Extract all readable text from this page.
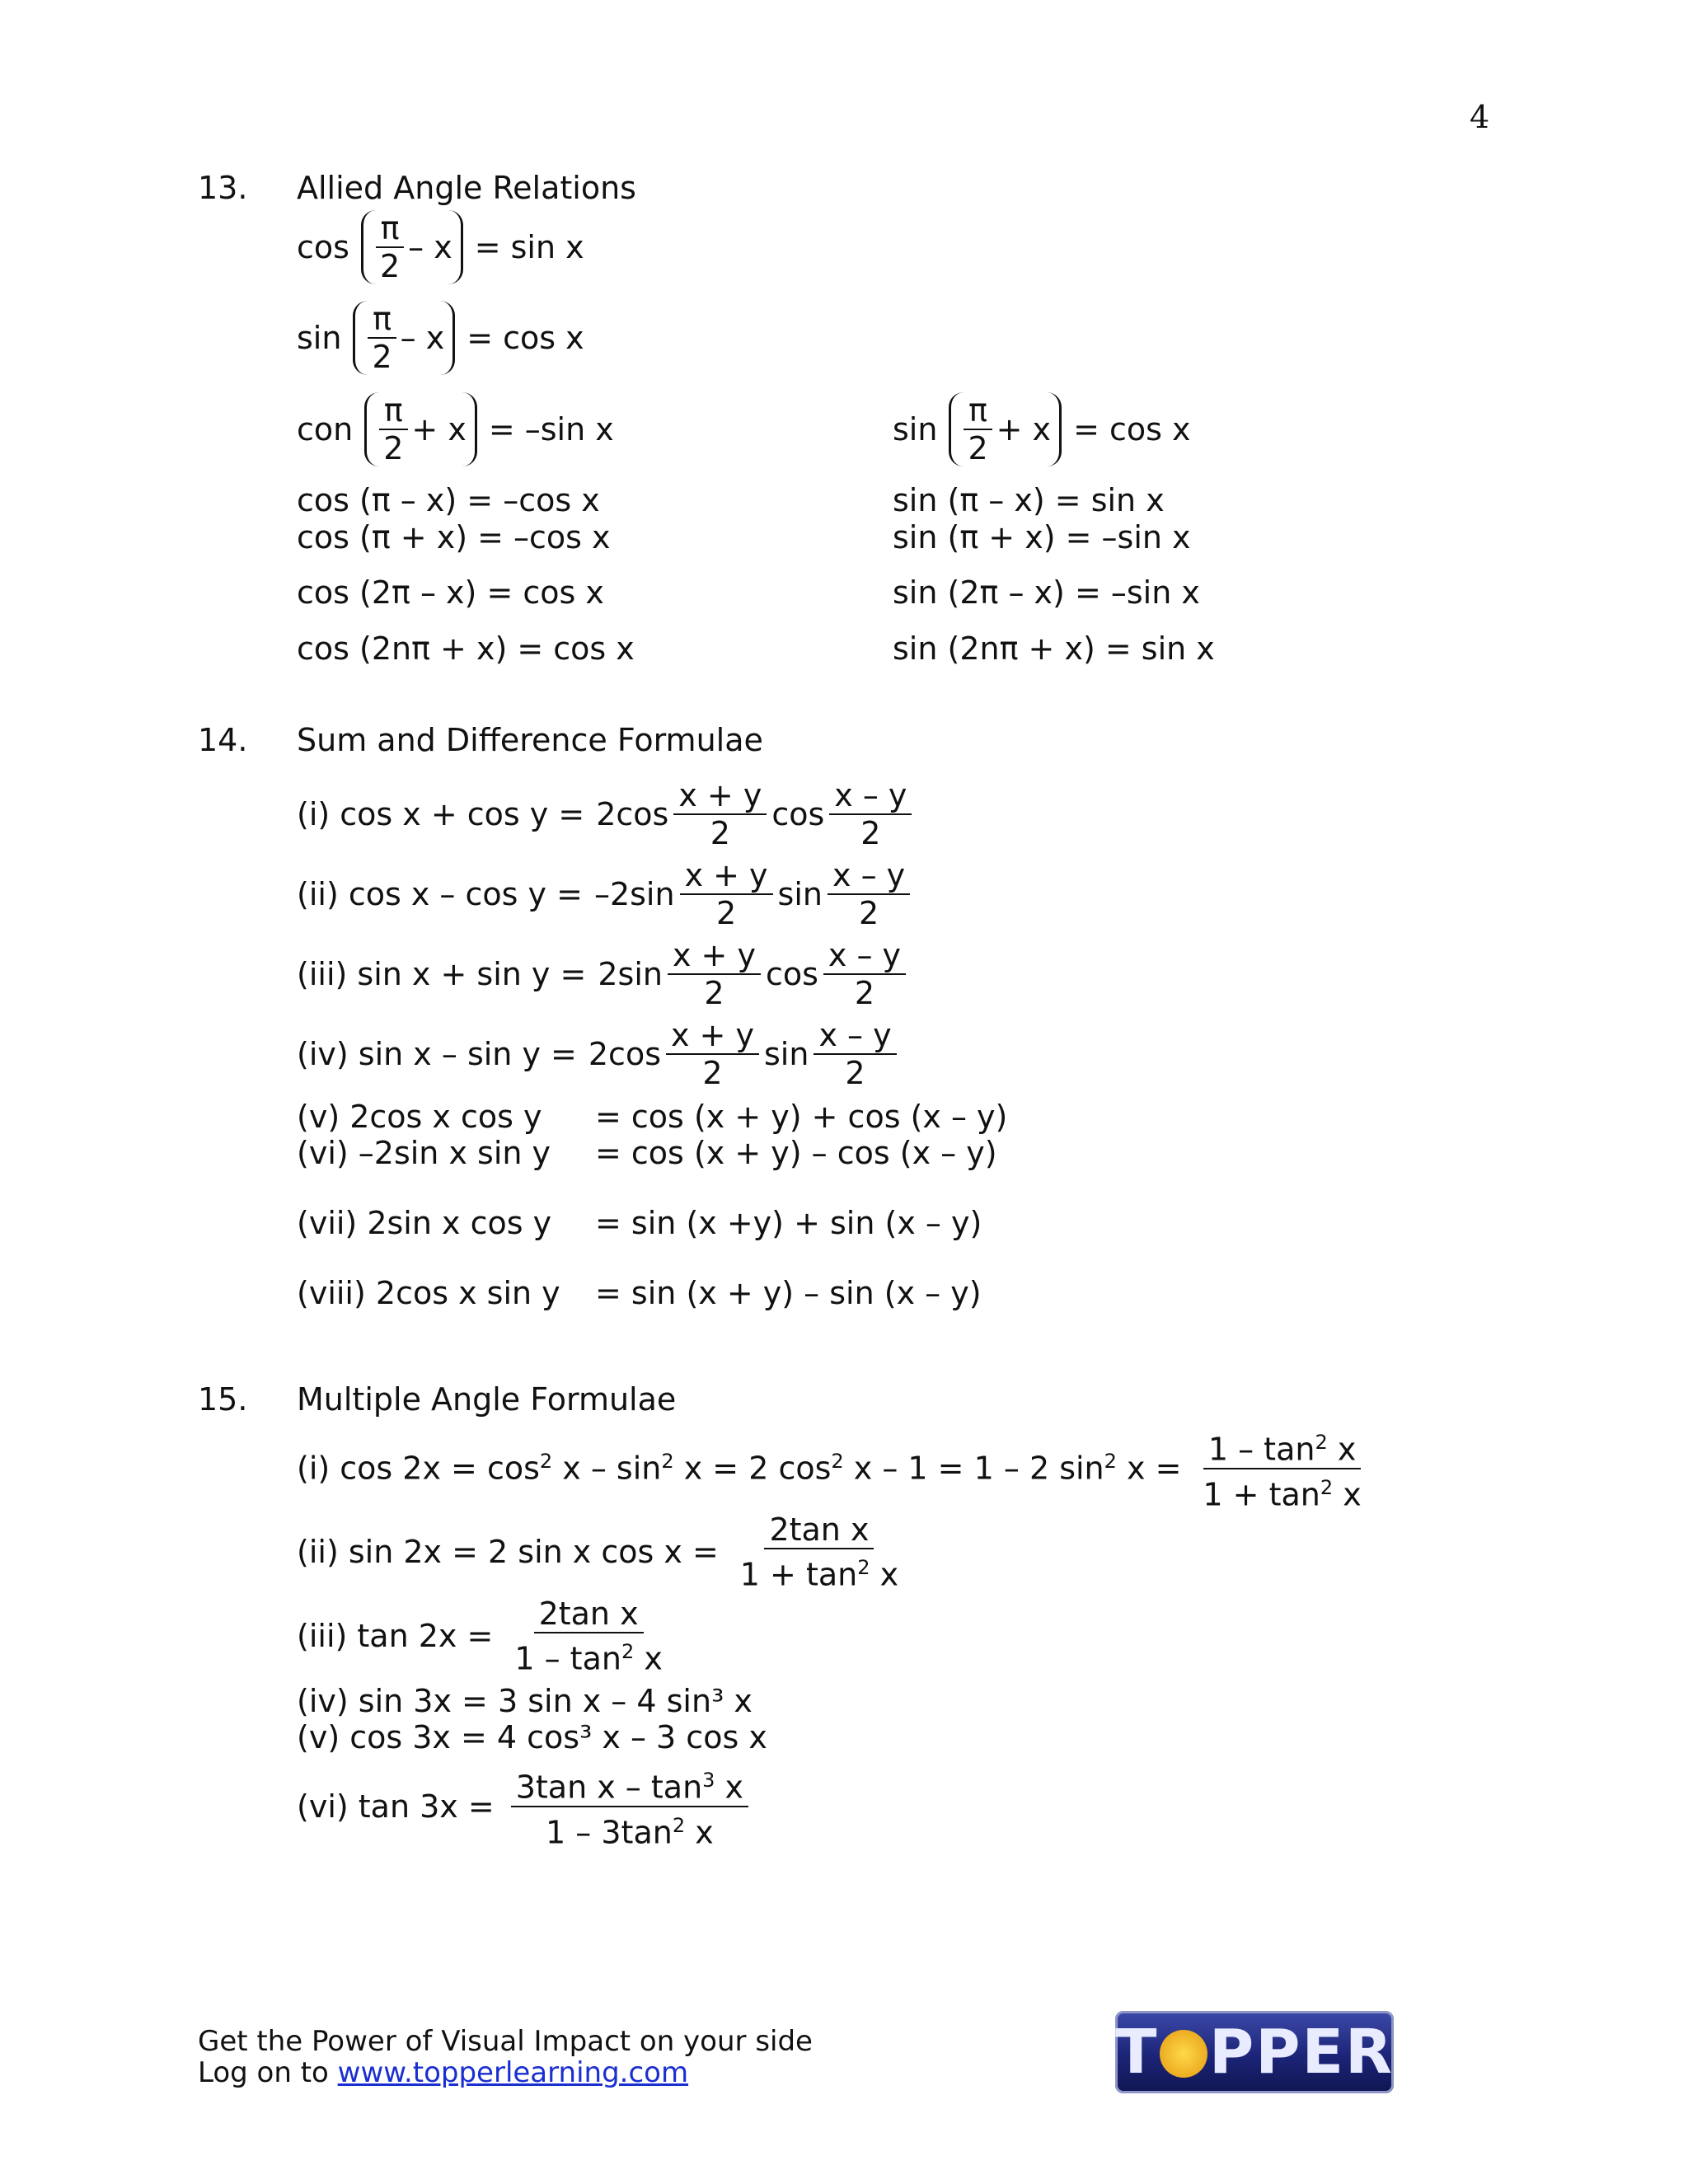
4
13. Allied Angle Relations
$\cos \frac{\pi}{2} - x = \sin x$
$\sin \frac{\pi}{2} - x = \cos x$
con $\frac{\pi}{2} + x = -\sin$ x	$\sin \frac{\pi}{2} + x = \cos x$
cos (π – x) = –cos x
cos (π + x) = –cos x
cos (2π – x) = cos x
cos (2nπ + x) = cos x
sin (π – x) = sin x
sin (π + x) = –sin x
sin (2π – x) = –sin x
sin (2nπ + x) = sin x
14. Sum and Difference Formulae
(i) $\cos x + \cos y = 2\cos \frac{x + y}{2}$ $\cos \frac{x - y}{2}$
(ii) $\cos x - \cos y = -2\sin \frac{x + y}{2}$ $\sin \frac{x - y}{2}$
(iii) $\sin x + \sin y = 2\sin \frac{x + y}{2}$ $\cos \frac{x - y}{2}$
(iv) $\sin x - \sin y = 2\cos \frac{x + y}{2}$ $\sin \frac{x - y}{2}$
(v) 2cos x cos y = cos (x + y) + cos (x – y)
(vi) –2sin x sin y = cos (x + y) – cos (x – y)
(vii) 2sin x cos y = sin (x +y) + sin (x – y)
(viii) 2cos x sin y = sin (x + y) – sin (x – y)
15. Multiple Angle Formulae
(i) $\cos 2x = \cos^2 x - \sin^2 x = 2$ $\cos^2 x - 1 = 1 - 2$ $\sin^2 x = \frac{1 - \tan^2 x}{1 + \tan^2 x}$
(ii) sin 2x = 2 sin x $\cos x = \frac{\text{2tan x}}{1 + \tan^2 x}$
(iii) $\tan 2x = \frac{\text{2tan x}}{1 - \tan^2 x}$
(iv) sin 3x = 3 sin x – 4 sin³ x
(v) cos 3x = 4 cos³ x – 3 cos x
(vi) $\tan 3x = \frac{3\tan x - \tan^3 x}{1 - 3\tan^2 x}$
Get the Power of Visual Impact on your side
Log on to www.topperlearning.com	T PPER
